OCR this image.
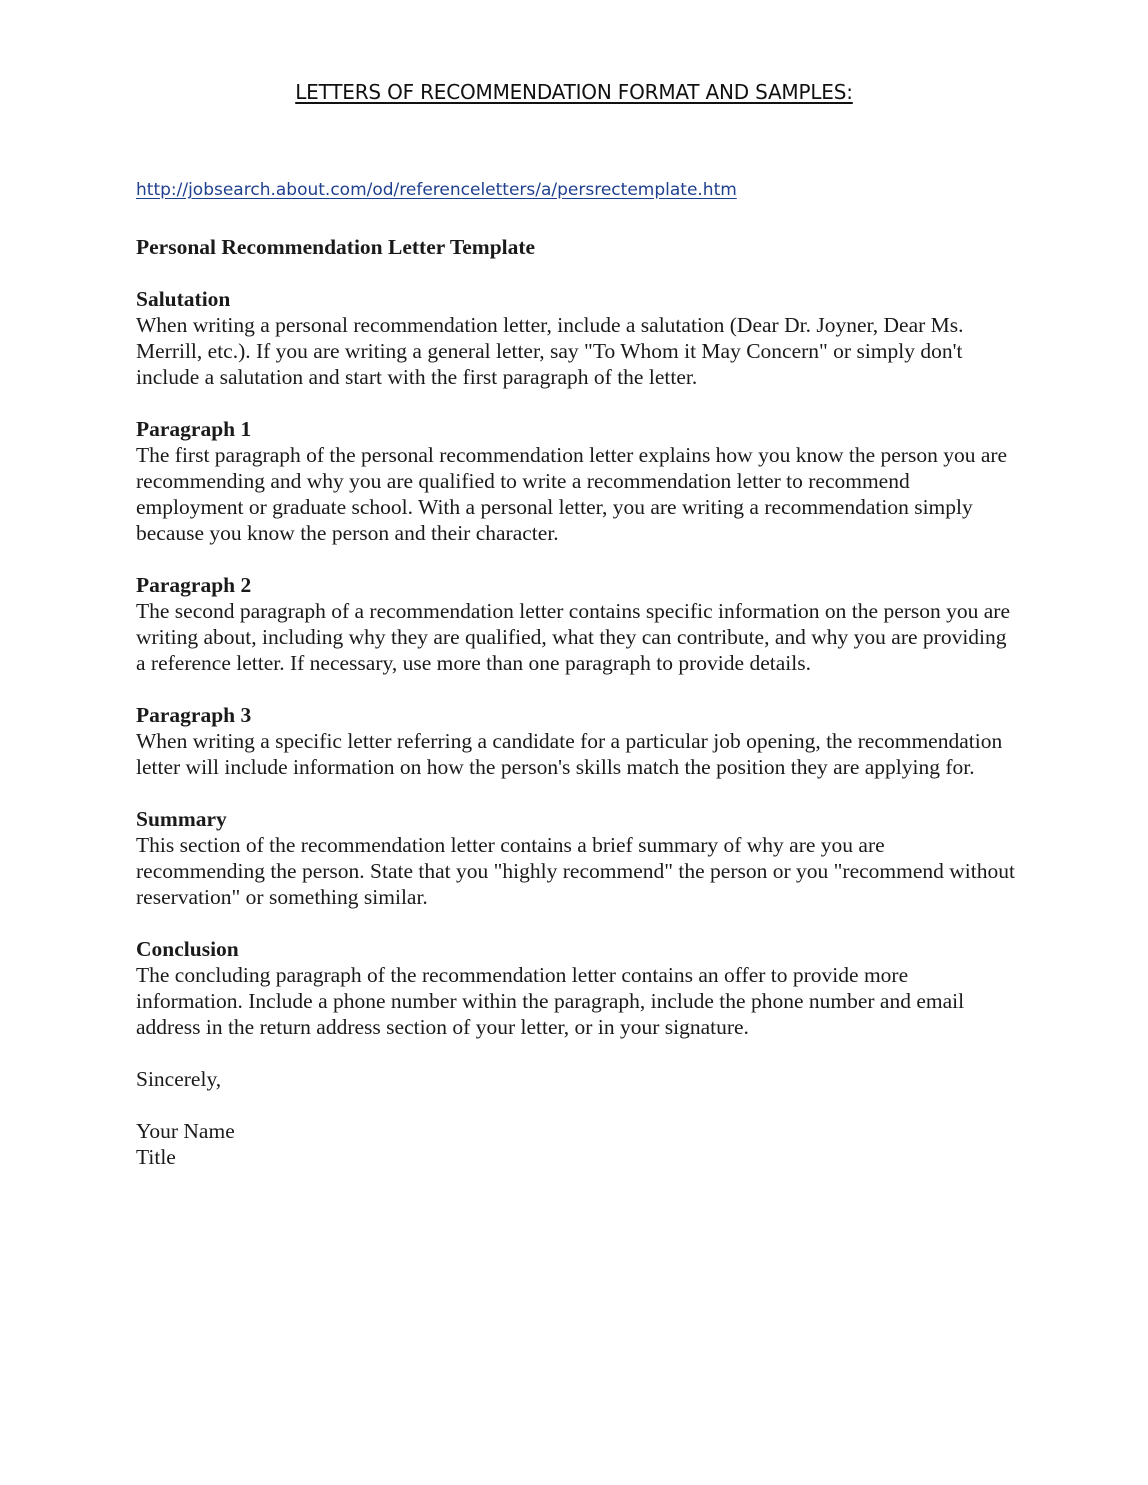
LETTERS OF RECOMMENDATION FORMAT AND SAMPLES:
http://jobsearch.about.com/od/referenceletters/a/persrectemplate.htm
Personal Recommendation Letter Template
Salutation

When writing a personal recommendation letter, include a salutation (Dear Dr. Joyner, Dear Ms. Merrill, etc.). If you are writing a general letter, say "To Whom it May Concern" or simply don't include a salutation and start with the first paragraph of the letter.

Paragraph 1

The first paragraph of the personal recommendation letter explains how you know the person you are recommending and why you are qualified to write a recommendation letter to recommend employment or graduate school. With a personal letter, you are writing a recommendation simply because you know the person and their character.

Paragraph 2

The second paragraph of a recommendation letter contains specific information on the person you are writing about, including why they are qualified, what they can contribute, and why you are providing a reference letter. If necessary, use more than one paragraph to provide details.

Paragraph 3

When writing a specific letter referring a candidate for a particular job opening, the recommendation letter will include information on how the person's skills match the position they are applying for.

Summary

This section of the recommendation letter contains a brief summary of why are you are recommending the person. State that you "highly recommend" the person or you "recommend without reservation" or something similar.

Conclusion

The concluding paragraph of the recommendation letter contains an offer to provide more information. Include a phone number within the paragraph, include the phone number and email address in the return address section of your letter, or in your signature.

Sincerely,

Your Name

Title
